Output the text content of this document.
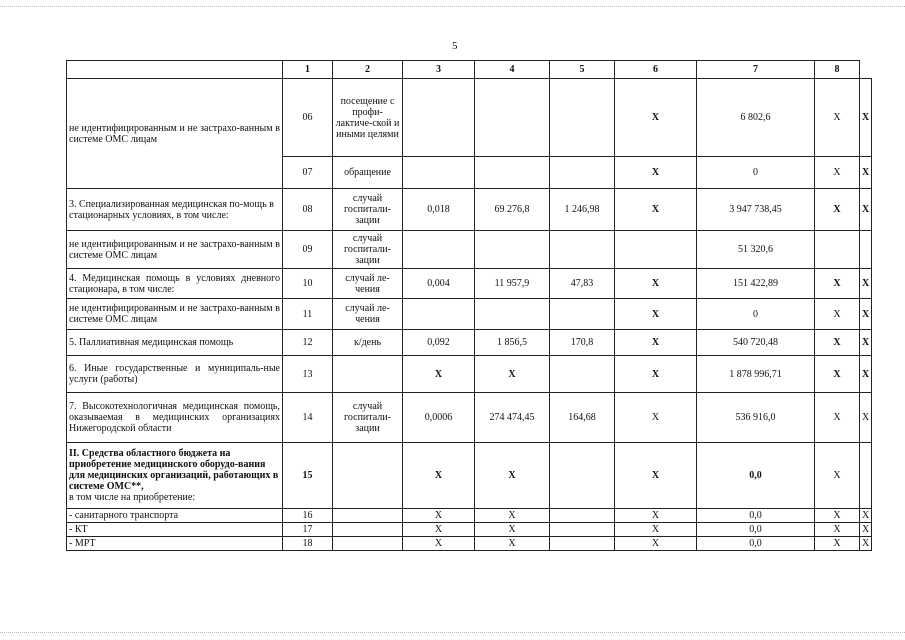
5
	1	2	3	4	5	6	7	8	
не идентифицированным и не застрахо-ванным в системе ОМС лицам	06	посещение с профи-лактиче-ской и иными целями				X	6 802,6	X	X
	07	обращение				X	0	X	X
3. Специализированная медицинская по-мощь в стационарных условиях, в том числе:	08	случай госпитали-зации	0,018	69 276,8	1 246,98	X	3 947 738,45	X	X
не идентифицированным и не застрахо-ванным в системе ОМС лицам	09	случай госпитали-зации					51 320,6		
4. Медицинская помощь в условиях дневного стационара, в том числе:	10	случай ле-чения	0,004	11 957,9	47,83	X	151 422,89	X	X
не идентифицированным и не застрахо-ванным в системе ОМС лицам	11	случай ле-чения				X	0	X	X
5. Паллиативная медицинская помощь	12	к/день	0,092	1 856,5	170,8	X	540 720,48	X	X
6. Иные государственные и муниципаль-ные услуги (работы)	13		X	X		X	1 878 996,71	X	X
7. Высокотехнологичная медицинская помощь, оказываемая в медицинских организациях Нижегородской области	14	случай госпитали-зации	0,0006	274 474,45	164,68	X	536 916,0	X	X

II. Средства областного бюджета на приобретение медицинского оборудо-вания для медицинских организаций, работающих в системе ОМС**,
в том числе на приобретение:	15		X	X		X	0,0	X	
- санитарного транспорта	16		X	X		X	0,0	X	X
- КТ	17		X	X		X	0,0	X	X
- МРТ	18		X	X		X	0,0	X	X
